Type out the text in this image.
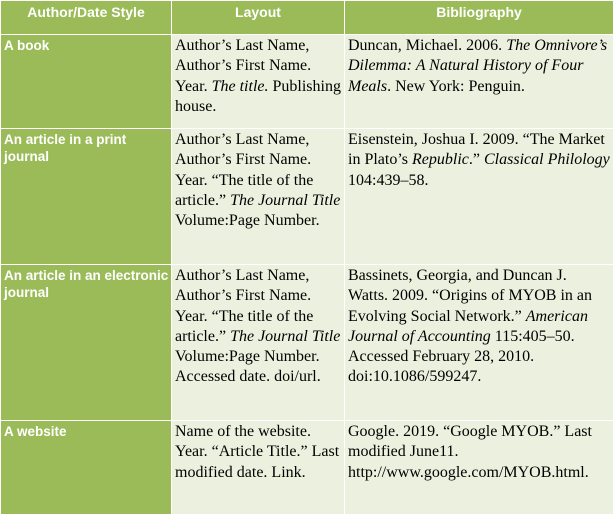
Author/Date Style	Layout	Bibliography
A book	Author’s Last Name, Author’s First Name. Year. The title. Publishing house.	Duncan, Michael. 2006. The Omnivore’s Dilemma: A Natural History of Four Meals. New York: Penguin.
An article in a print journal	Author’s Last Name, Author’s First Name. Year. “The title of the article.” The Journal Title Volume:Page Number.	Eisenstein, Joshua I. 2009. “The Market in Plato’s Republic.” Classical Philology 104:439–58.
An article in an electronic journal	Author’s Last Name, Author’s First Name. Year. “The title of the article.” The Journal Title Volume:Page Number. Accessed date. doi/url.	Bassinets, Georgia, and Duncan J. Watts. 2009. “Origins of MYOB in an Evolving Social Network.” American Journal of Accounting 115:405–50. Accessed February 28, 2010. doi:10.1086/599247.
A website	Name of the website. Year. “Article Title.” Last modified date. Link.	Google. 2019. “Google MYOB.” Last modified June11. http://www.google.com/MYOB.html.
